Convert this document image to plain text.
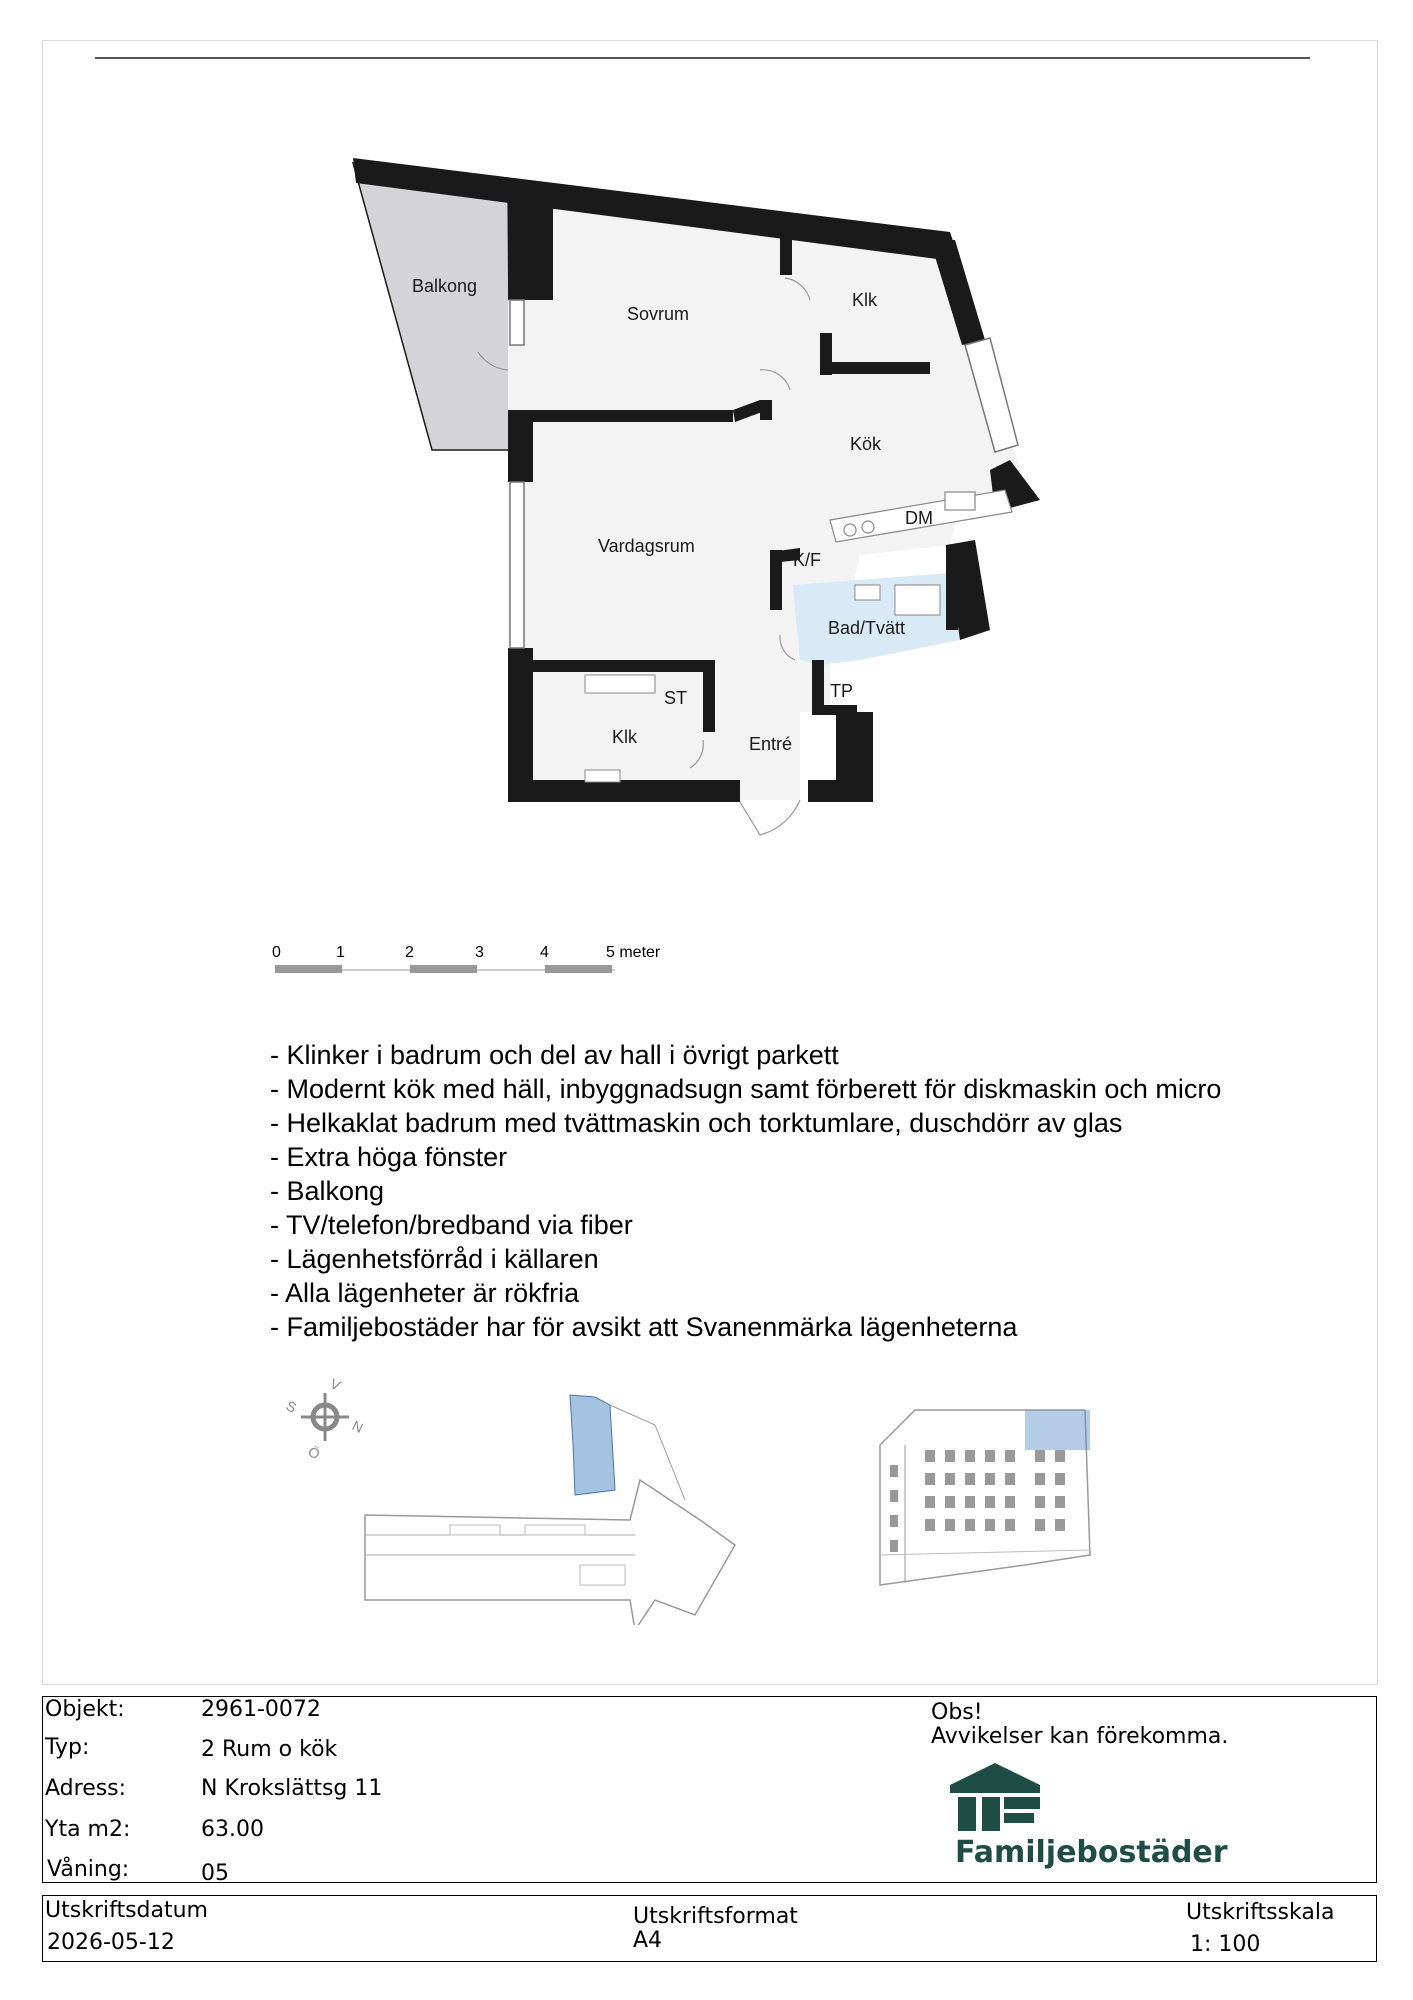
Balkong
Sovrum
Klk
Kök
DM
Vardagsrum
K/F
Bad/Tvätt
ST	TP
Klk	Entré
0	1	2	3	4	5 meter
- Klinker i badrum och del av hall i övrigt parkett
- Modernt kök med häll, inbyggnadsugn samt förberett för diskmaskin och micro
- Helkaklat badrum med tvättmaskin och torktumlare, duschdörr av glas
- Extra höga fönster
- Balkong
- TV/telefon/bredband via fiber
- Lägenhetsförråd i källaren
- Alla lägenheter är rökfria
- Familjebostäder har för avsikt att Svanenmärka lägenheterna
V
N
S
Ö
Objekt:	2961-0072
Typ:	2 Rum o kök
Adress:	N Krokslättsg 11
Yta m2:	63.00
Våning:	05
Obs!
Avvikelser kan förekomma.
Familjebostäder
Utskriftsdatum
2026-05-12
Utskriftsformat
A4
Utskriftsskala
1: 100
